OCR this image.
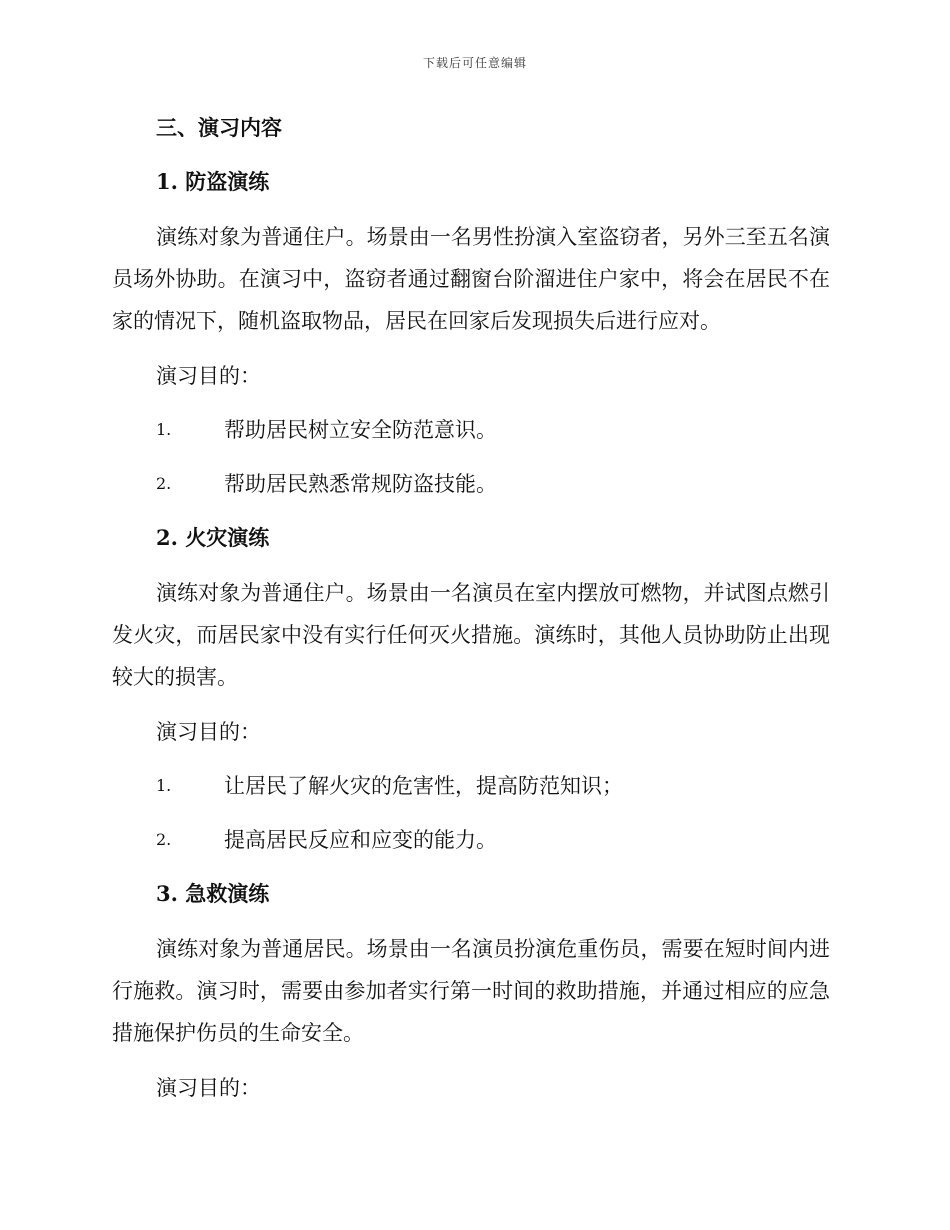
下载后可任意编辑
三、演习内容
1. 防盗演练

演练对象为普通住户。场景由一名男性扮演入室盗窃者，另外三至五名演员场外协助。在演习中，盗窃者通过翻窗台阶溜进住户家中，将会在居民不在家的情况下，随机盗取物品，居民在回家后发现损失后进行应对。

演习目的：
1.	帮助居民树立安全防范意识。
2.	帮助居民熟悉常规防盗技能。
2. 火灾演练

演练对象为普通住户。场景由一名演员在室内摆放可燃物，并试图点燃引发火灾，而居民家中没有实行任何灭火措施。演练时，其他人员协助防止出现较大的损害。

演习目的：
1.	让居民了解火灾的危害性，提高防范知识；
2.	提高居民反应和应变的能力。
3. 急救演练

演练对象为普通居民。场景由一名演员扮演危重伤员，需要在短时间内进行施救。演习时，需要由参加者实行第一时间的救助措施，并通过相应的应急措施保护伤员的生命安全。

演习目的：
